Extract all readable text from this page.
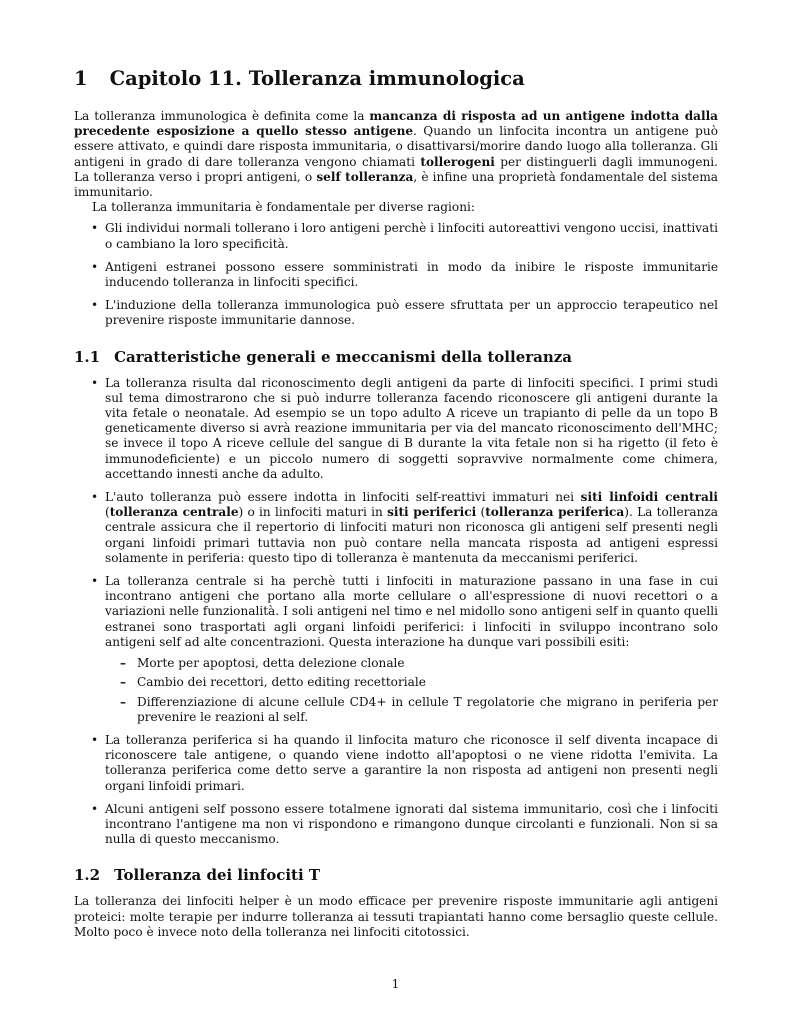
1 Capitolo 11. Tolleranza immunologica

La tolleranza immunologica è definita come la mancanza di risposta ad un antigene indotta dalla precedente esposizione a quello stesso antigene. Quando un linfocita incontra un antigene può essere attivato, e quindi dare risposta immunitaria, o disattivarsi/morire dando luogo alla tolleranza. Gli antigeni in grado di dare tolleranza vengono chiamati tollerogeni per distinguerli dagli immunogeni. La tolleranza verso i propri antigeni, o self tolleranza, è infine una proprietà fondamentale del sistema immunitario.

La tolleranza immunitaria è fondamentale per diverse ragioni:

• Gli individui normali tollerano i loro antigeni perchè i linfociti autoreattivi vengono uccisi, inattivati o cambiano la loro specificità.
• Antigeni estranei possono essere somministrati in modo da inibire le risposte immunitarie inducendo tolleranza in linfociti specifici.
• L'induzione della tolleranza immunologica può essere sfruttata per un approccio terapeutico nel prevenire risposte immunitarie dannose.
1.1 Caratteristiche generali e meccanismi della tolleranza
• La tolleranza risulta dal riconoscimento degli antigeni da parte di linfociti specifici. I primi studi sul tema dimostrarono che si può indurre tolleranza facendo riconoscere gli antigeni durante la vita fetale o neonatale. Ad esempio se un topo adulto A riceve un trapianto di pelle da un topo B geneticamente diverso si avrà reazione immunitaria per via del mancato riconoscimento dell'MHC; se invece il topo A riceve cellule del sangue di B durante la vita fetale non si ha rigetto (il feto è immunodeficiente) e un piccolo numero di soggetti sopravvive normalmente come chimera, accettando innesti anche da adulto.
• L'auto tolleranza può essere indotta in linfociti self-reattivi immaturi nei siti linfoidi centrali (tolleranza centrale) o in linfociti maturi in siti periferici (tolleranza periferica). La tolleranza centrale assicura che il repertorio di linfociti maturi non riconosca gli antigeni self presenti negli organi linfoidi primari tuttavia non può contare nella mancata risposta ad antigeni espressi solamente in periferia: questo tipo di tolleranza è mantenuta da meccanismi periferici.
• La tolleranza centrale si ha perchè tutti i linfociti in maturazione passano in una fase in cui incontrano antigeni che portano alla morte cellulare o all'espressione di nuovi recettori o a variazioni nelle funzionalità. I soli antigeni nel timo e nel midollo sono antigeni self in quanto quelli estranei sono trasportati agli organi linfoidi periferici: i linfociti in sviluppo incontrano solo antigeni self ad alte concentrazioni. Questa interazione ha dunque vari possibili esiti:
– Morte per apoptosi, detta delezione clonale
– Cambio dei recettori, detto editing recettoriale
– Differenziazione di alcune cellule CD4+ in cellule T regolatorie che migrano in periferia per prevenire le reazioni al self.
• La tolleranza periferica si ha quando il linfocita maturo che riconosce il self diventa incapace di riconoscere tale antigene, o quando viene indotto all'apoptosi o ne viene ridotta l'emivita. La tolleranza periferica come detto serve a garantire la non risposta ad antigeni non presenti negli organi linfoidi primari.
• Alcuni antigeni self possono essere totalmene ignorati dal sistema immunitario, così che i linfociti incontrano l'antigene ma non vi rispondono e rimangono dunque circolanti e funzionali. Non si sa nulla di questo meccanismo.
1.2 Tolleranza dei linfociti T

La tolleranza dei linfociti helper è un modo efficace per prevenire risposte immunitarie agli antigeni proteici: molte terapie per indurre tolleranza ai tessuti trapiantati hanno come bersaglio queste cellule. Molto poco è invece noto della tolleranza nei linfociti citotossici.

1
